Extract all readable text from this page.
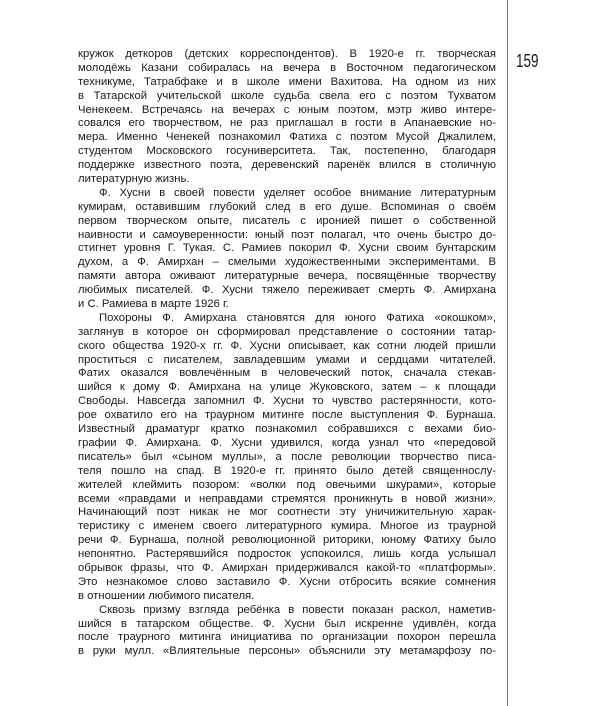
159
кружок деткоров (детских корреспондентов). В 1920-е гг. творческая
молодёжь Казани собиралась на вечера в Восточном педагогическом
техникуме, Татрабфаке и в школе имени Вахитова. На одном из них
в Татарской учительской школе судьба свела его с поэтом Тухватом
Ченекеем. Встречаясь на вечерах с юным поэтом, мэтр живо интере-
совался его творчеством, не раз приглашал в гости в Апанаевские но-
мера. Именно Ченекей познакомил Фатиха с поэтом Мусой Джалилем,
студентом Московского госуниверситета. Так, постепенно, благодаря
поддержке известного поэта, деревенский паренёк влился в столичную
литературную жизнь.
Ф. Хусни в своей повести уделяет особое внимание литературным
кумирам, оставившим глубокий след в его душе. Вспоминая о своём
первом творческом опыте, писатель с иронией пишет о собственной
наивности и самоуверенности: юный поэт полагал, что очень быстро до-
стигнет уровня Г. Тукая. С. Рамиев покорил Ф. Хусни своим бунтарским
духом, а Ф. Амирхан – смелыми художественными экспериментами. В
памяти автора оживают литературные вечера, посвящённые творчеству
любимых писателей. Ф. Хусни тяжело переживает смерть Ф. Амирхана
и С. Рамиева в марте 1926 г.
Похороны Ф. Амирхана становятся для юного Фатиха «окошком»,
заглянув в которое он сформировал представление о состоянии татар-
ского общества 1920-х гг. Ф. Хусни описывает, как сотни людей пришли
проститься с писателем, завладевшим умами и сердцами читателей.
Фатих оказался вовлечённым в человеческий поток, сначала стекав-
шийся к дому Ф. Амирхана на улице Жуковского, затем – к площади
Свободы. Навсегда запомнил Ф. Хусни то чувство растерянности, кото-
рое охватило его на траурном митинге после выступления Ф. Бурнаша.
Известный драматург кратко познакомил собравшихся с вехами био-
графии Ф. Амирхана. Ф. Хусни удивился, когда узнал что «передовой
писатель» был «сыном муллы», а после революции творчество писа-
теля пошло на спад. В 1920-е гг. принято было детей священнослу-
жителей клеймить позором: «волки под овечьими шкурами», которые
всеми «правдами и неправдами стремятся проникнуть в новой жизни».
Начинающий поэт никак не мог соотнести эту уничижительную харак-
теристику с именем своего литературного кумира. Многое из траурной
речи Ф. Бурнаша, полной революционной риторики, юному Фатиху было
непонятно. Растерявшийся подросток успокоился, лишь когда услышал
обрывок фразы, что Ф. Амирхан придерживался какой-то «платформы».
Это незнакомое слово заставило Ф. Хусни отбросить всякие сомнения
в отношении любимого писателя.
Сквозь призму взгляда ребёнка в повести показан раскол, наметив-
шийся в татарском обществе. Ф. Хусни был искренне удивлён, когда
после траурного митинга инициатива по организации похорон перешла
в руки мулл. «Влиятельные персоны» объяснили эту метамарфозу по-
